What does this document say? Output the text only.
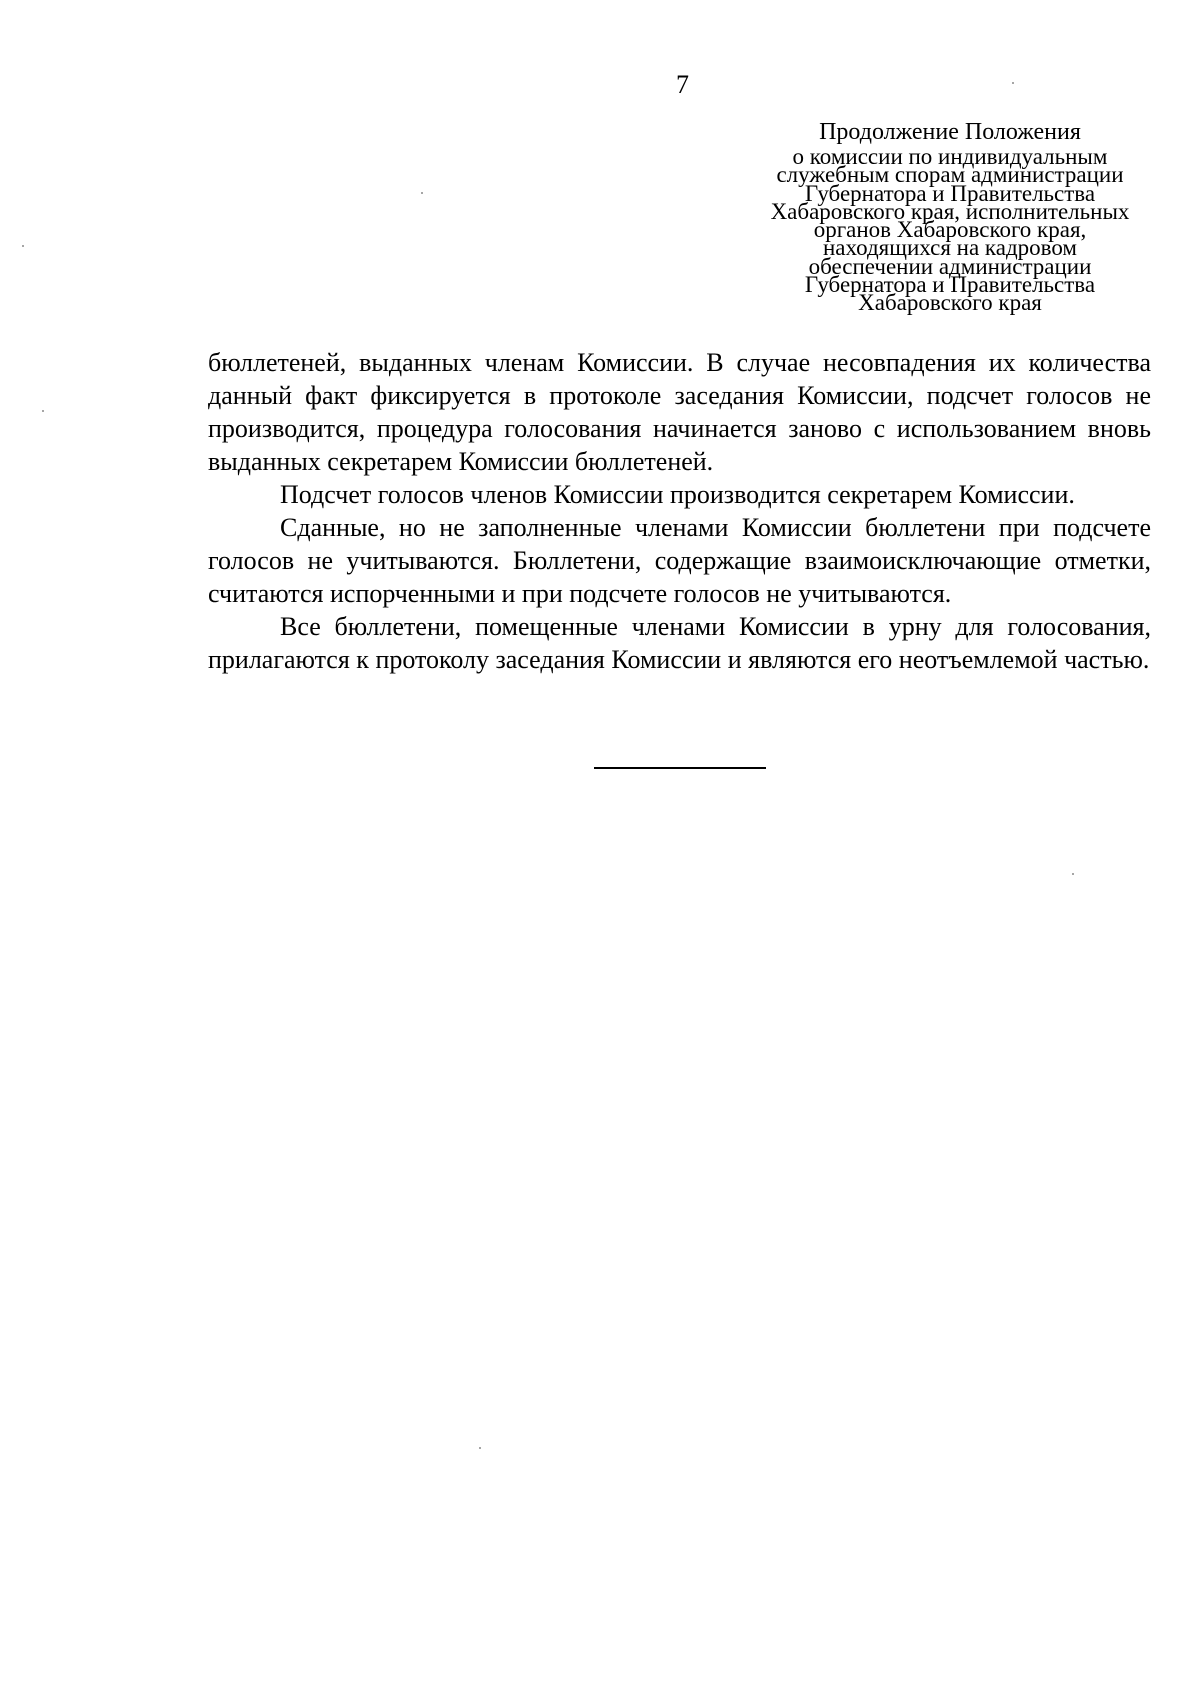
7
Продолжение Положения
о комиссии по индивидуальным
служебным спорам администрации
Губернатора и Правительства
Хабаровского края, исполнительных
органов Хабаровского края,
находящихся на кадровом
обеспечении администрации
Губернатора и Правительства
Хабаровского края

бюллетеней, выданных членам Комиссии. В случае несовпадения их количества данный факт фиксируется в протоколе заседания Комиссии, подсчет голосов не производится, процедура голосования начинается заново с использованием вновь выданных секретарем Комиссии бюллетеней.

Подсчет голосов членов Комиссии производится секретарем Комиссии.

Сданные, но не заполненные членами Комиссии бюллетени при подсчете голосов не учитываются. Бюллетени, содержащие взаимоисключающие отметки, считаются испорченными и при подсчете голосов не учитываются.

Все бюллетени, помещенные членами Комиссии в урну для голосования, прилагаются к протоколу заседания Комиссии и являются его неотъемлемой частью.
